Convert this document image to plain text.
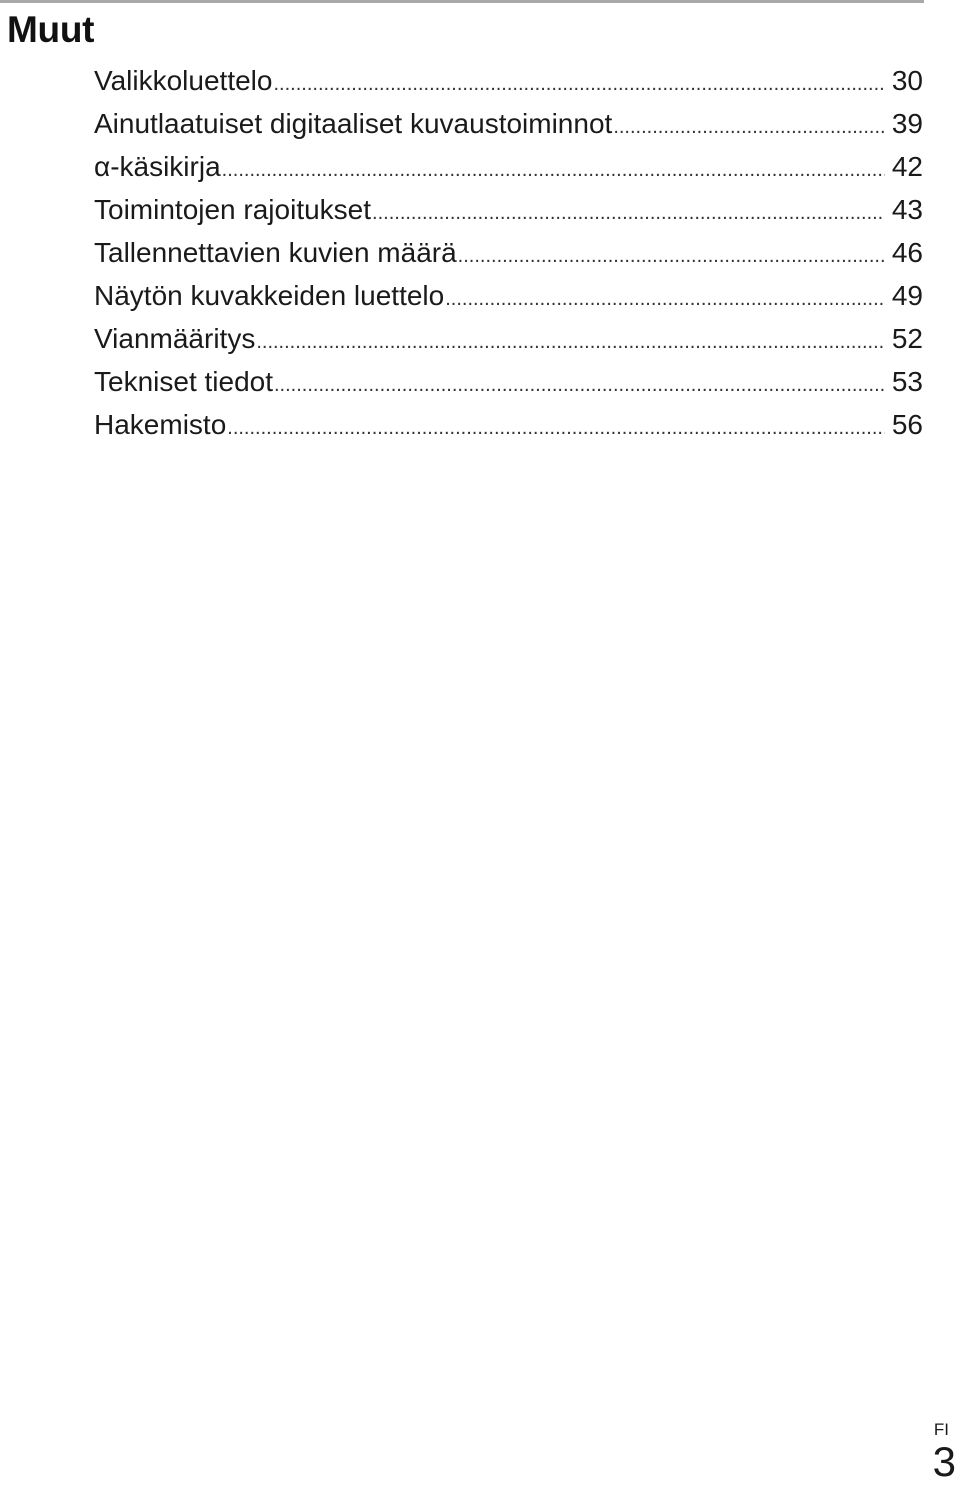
Muut
Valikkoluettelo .....	30
Ainutlaatuiset digitaaliset kuvaustoiminnot .....	39
α-käsikirja .....	42
Toimintojen rajoitukset .....	43
Tallennettavien kuvien määrä .....	46
Näytön kuvakkeiden luettelo .....	49
Vianmääritys .....	52
Tekniset tiedot .....	53
Hakemisto .....	56
FI
3
